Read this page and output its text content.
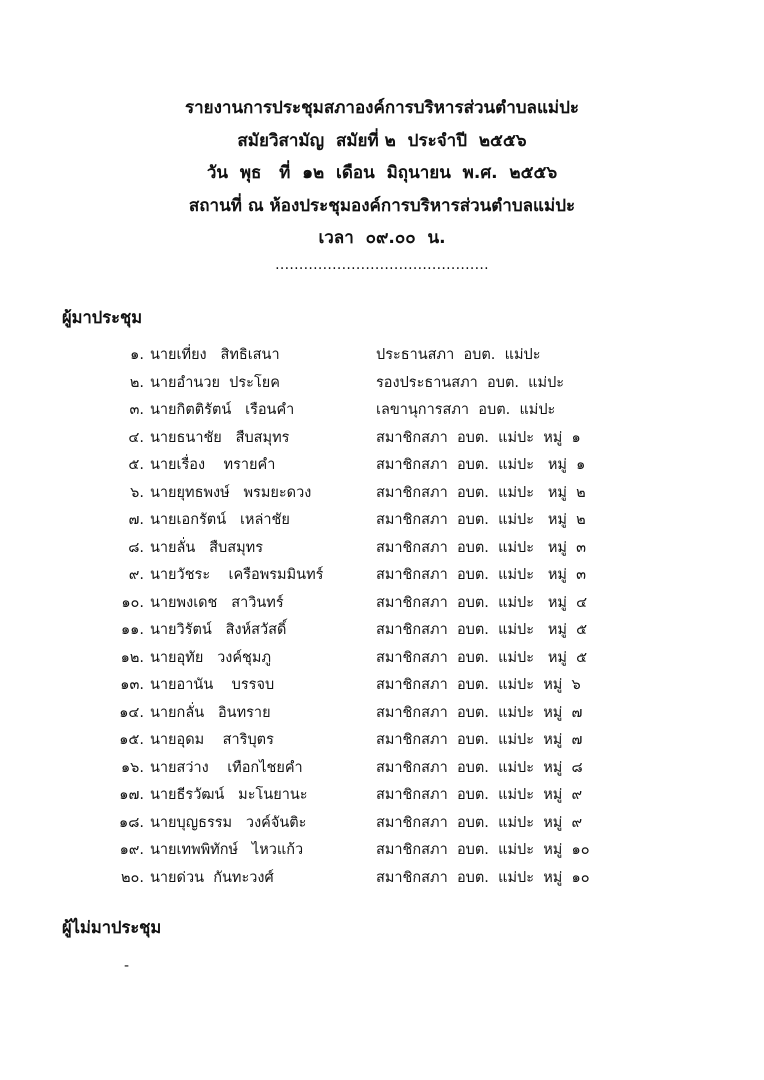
รายงานการประชุมสภาองค์การบริหารส่วนตำบลแม่ปะ
สมัยวิสามัญ  สมัยที่ ๒  ประจำปี  ๒๕๕๖
วัน  พุธ   ที่  ๑๒  เดือน  มิถุนายน  พ.ศ.  ๒๕๕๖
สถานที่ ณ ห้องประชุมองค์การบริหารส่วนตำบลแม่ปะ
เวลา  ๐๙.๐๐  น.
.............................................
ผู้มาประชุม
๑. นายเที่ยง   สิทธิเสนา	ประธานสภา  อบต.  แม่ปะ
๒. นายอำนวย  ประโยค	รองประธานสภา  อบต.  แม่ปะ
๓. นายกิตติรัตน์   เรือนคำ	เลขานุการสภา  อบต.  แม่ปะ
๔. นายธนาชัย   สืบสมุทร	สมาชิกสภา  อบต.  แม่ปะ  หมู่  ๑
๕. นายเรื่อง    ทรายคำ	สมาชิกสภา  อบต.  แม่ปะ   หมู่  ๑
๖. นายยุทธพงษ์   พรมยะดวง	สมาชิกสภา  อบต.  แม่ปะ   หมู่  ๒
๗. นายเอกรัตน์   เหล่าชัย	สมาชิกสภา  อบต.  แม่ปะ   หมู่  ๒
๘. นายลั่น   สืบสมุทร	สมาชิกสภา  อบต.  แม่ปะ   หมู่  ๓
๙. นายวัชระ    เครือพรมมินทร์	สมาชิกสภา  อบต.  แม่ปะ   หมู่  ๓
๑๐. นายพงเดช   สาวินทร์	สมาชิกสภา  อบต.  แม่ปะ   หมู่  ๔
๑๑. นายวิรัตน์   สิงห์สวัสดิ์	สมาชิกสภา  อบต.  แม่ปะ   หมู่  ๕
๑๒. นายอุทัย   วงค์ชุมภู	สมาชิกสภา  อบต.  แม่ปะ   หมู่  ๕
๑๓. นายอานัน    บรรจบ	สมาชิกสภา  อบต.  แม่ปะ  หมู่  ๖
๑๔. นายกลั่น   อินทราย	สมาชิกสภา  อบต.  แม่ปะ  หมู่  ๗
๑๕. นายอุดม    สาริบุตร	สมาชิกสภา  อบต.  แม่ปะ  หมู่  ๗
๑๖. นายสว่าง    เทือกไชยคำ	สมาชิกสภา  อบต.  แม่ปะ  หมู่  ๘
๑๗. นายธีรวัฒน์   มะโนยานะ	สมาชิกสภา  อบต.  แม่ปะ  หมู่  ๙
๑๘. นายบุญธรรม   วงค์จันติะ	สมาชิกสภา  อบต.  แม่ปะ  หมู่  ๙
๑๙. นายเทพพิทักษ์   ไหวแก้ว	สมาชิกสภา  อบต.  แม่ปะ  หมู่  ๑๐
๒๐. นายด่วน  กันทะวงศ์	สมาชิกสภา  อบต.  แม่ปะ  หมู่  ๑๐
ผู้ไม่มาประชุม
-
